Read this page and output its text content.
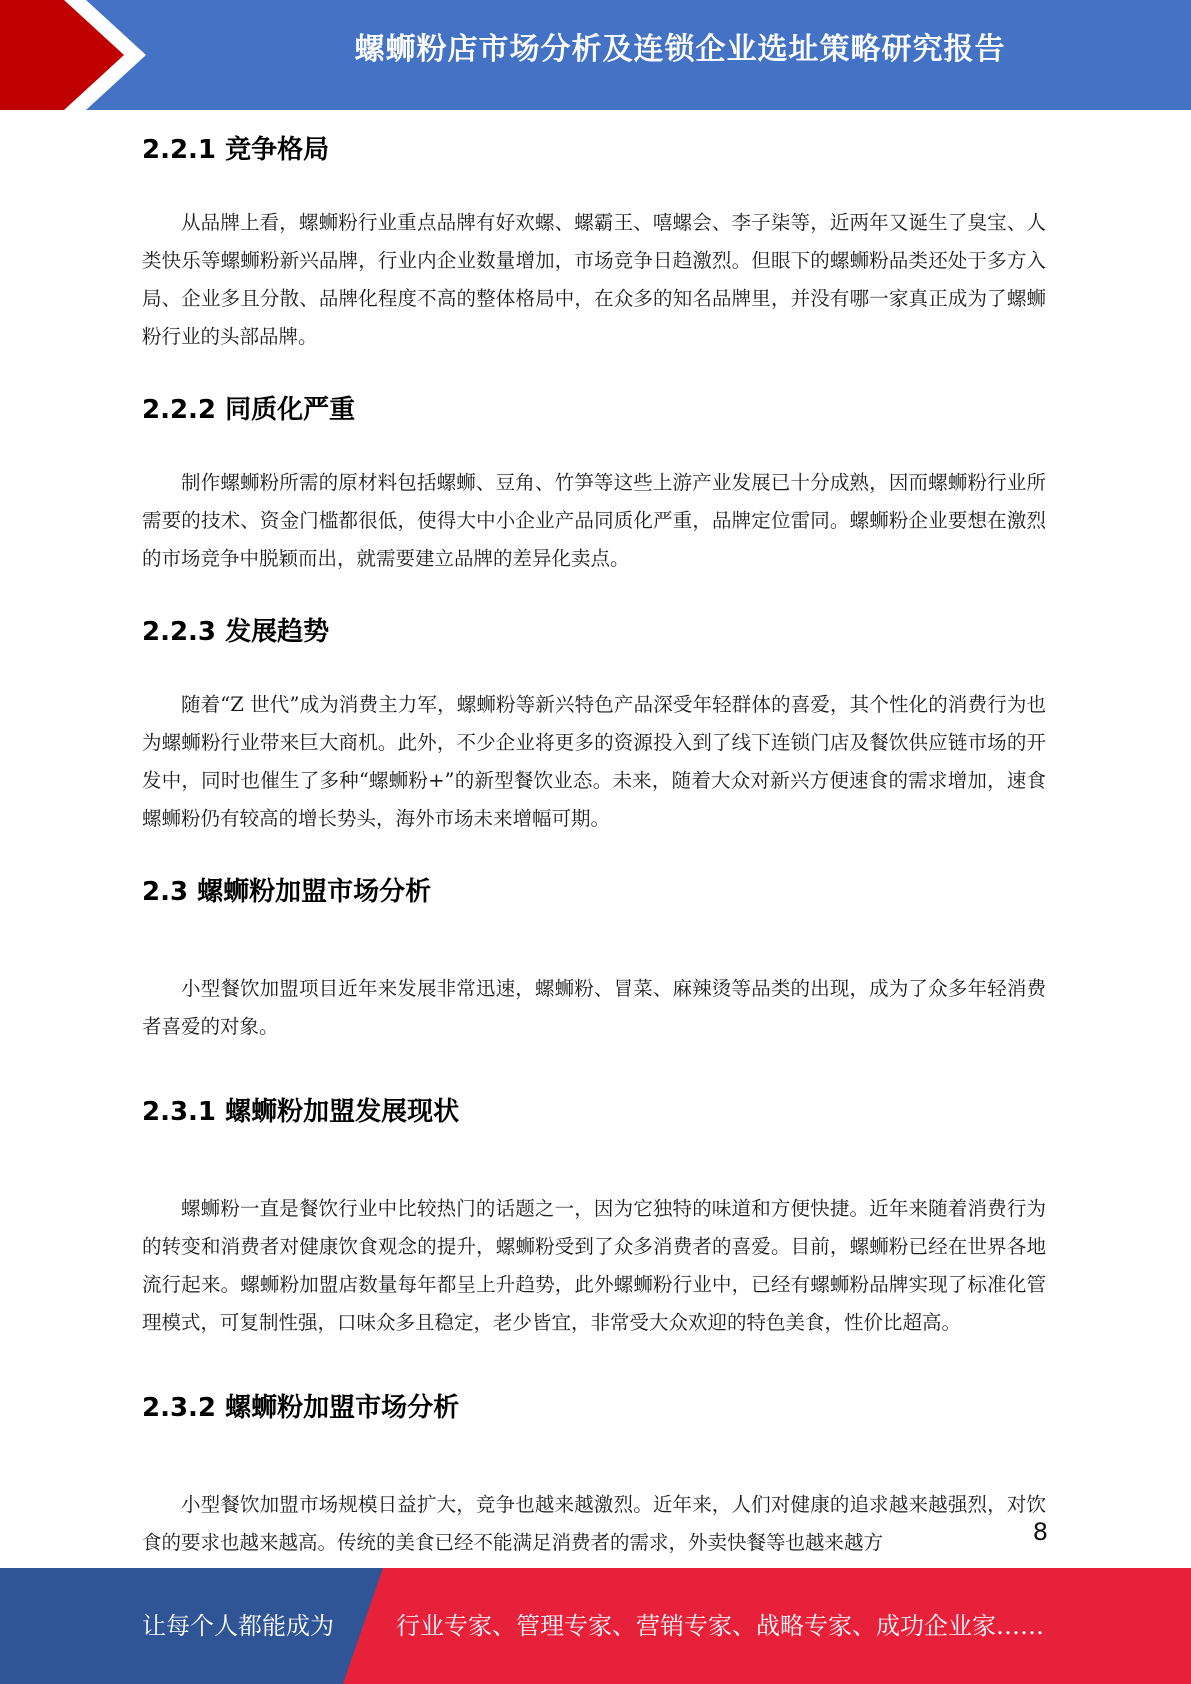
螺蛳粉店市场分析及连锁企业选址策略研究报告
2.2.1 竞争格局

从品牌上看，螺蛳粉行业重点品牌有好欢螺、螺霸王、嘻螺会、李子柒等，近两年又诞生了臭宝、人类快乐等螺蛳粉新兴品牌，行业内企业数量增加，市场竞争日趋激烈。但眼下的螺蛳粉品类还处于多方入局、企业多且分散、品牌化程度不高的整体格局中，在众多的知名品牌里，并没有哪一家真正成为了螺蛳粉行业的头部品牌。

2.2.2 同质化严重

制作螺蛳粉所需的原材料包括螺蛳、豆角、竹笋等这些上游产业发展已十分成熟，因而螺蛳粉行业所需要的技术、资金门槛都很低，使得大中小企业产品同质化严重，品牌定位雷同。螺蛳粉企业要想在激烈的市场竞争中脱颖而出，就需要建立品牌的差异化卖点。

2.2.3 发展趋势

随着“Z 世代”成为消费主力军，螺蛳粉等新兴特色产品深受年轻群体的喜爱，其个性化的消费行为也为螺蛳粉行业带来巨大商机。此外，不少企业将更多的资源投入到了线下连锁门店及餐饮供应链市场的开发中，同时也催生了多种“螺蛳粉+”的新型餐饮业态。未来，随着大众对新兴方便速食的需求增加，速食螺蛳粉仍有较高的增长势头，海外市场未来增幅可期。

2.3 螺蛳粉加盟市场分析

小型餐饮加盟项目近年来发展非常迅速，螺蛳粉、冒菜、麻辣烫等品类的出现，成为了众多年轻消费者喜爱的对象。

2.3.1 螺蛳粉加盟发展现状

螺蛳粉一直是餐饮行业中比较热门的话题之一，因为它独特的味道和方便快捷。近年来随着消费行为的转变和消费者对健康饮食观念的提升，螺蛳粉受到了众多消费者的喜爱。目前，螺蛳粉已经在世界各地流行起来。螺蛳粉加盟店数量每年都呈上升趋势，此外螺蛳粉行业中，已经有螺蛳粉品牌实现了标准化管理模式，可复制性强，口味众多且稳定，老少皆宜，非常受大众欢迎的特色美食，性价比超高。

2.3.2 螺蛳粉加盟市场分析

小型餐饮加盟市场规模日益扩大，竞争也越来越激烈。近年来，人们对健康的追求越来越强烈，对饮食的要求也越来越高。传统的美食已经不能满足消费者的需求，外卖快餐等也越来越方	8
让每个人都能成为	行业专家、管理专家、营销专家、战略专家、成功企业家……
